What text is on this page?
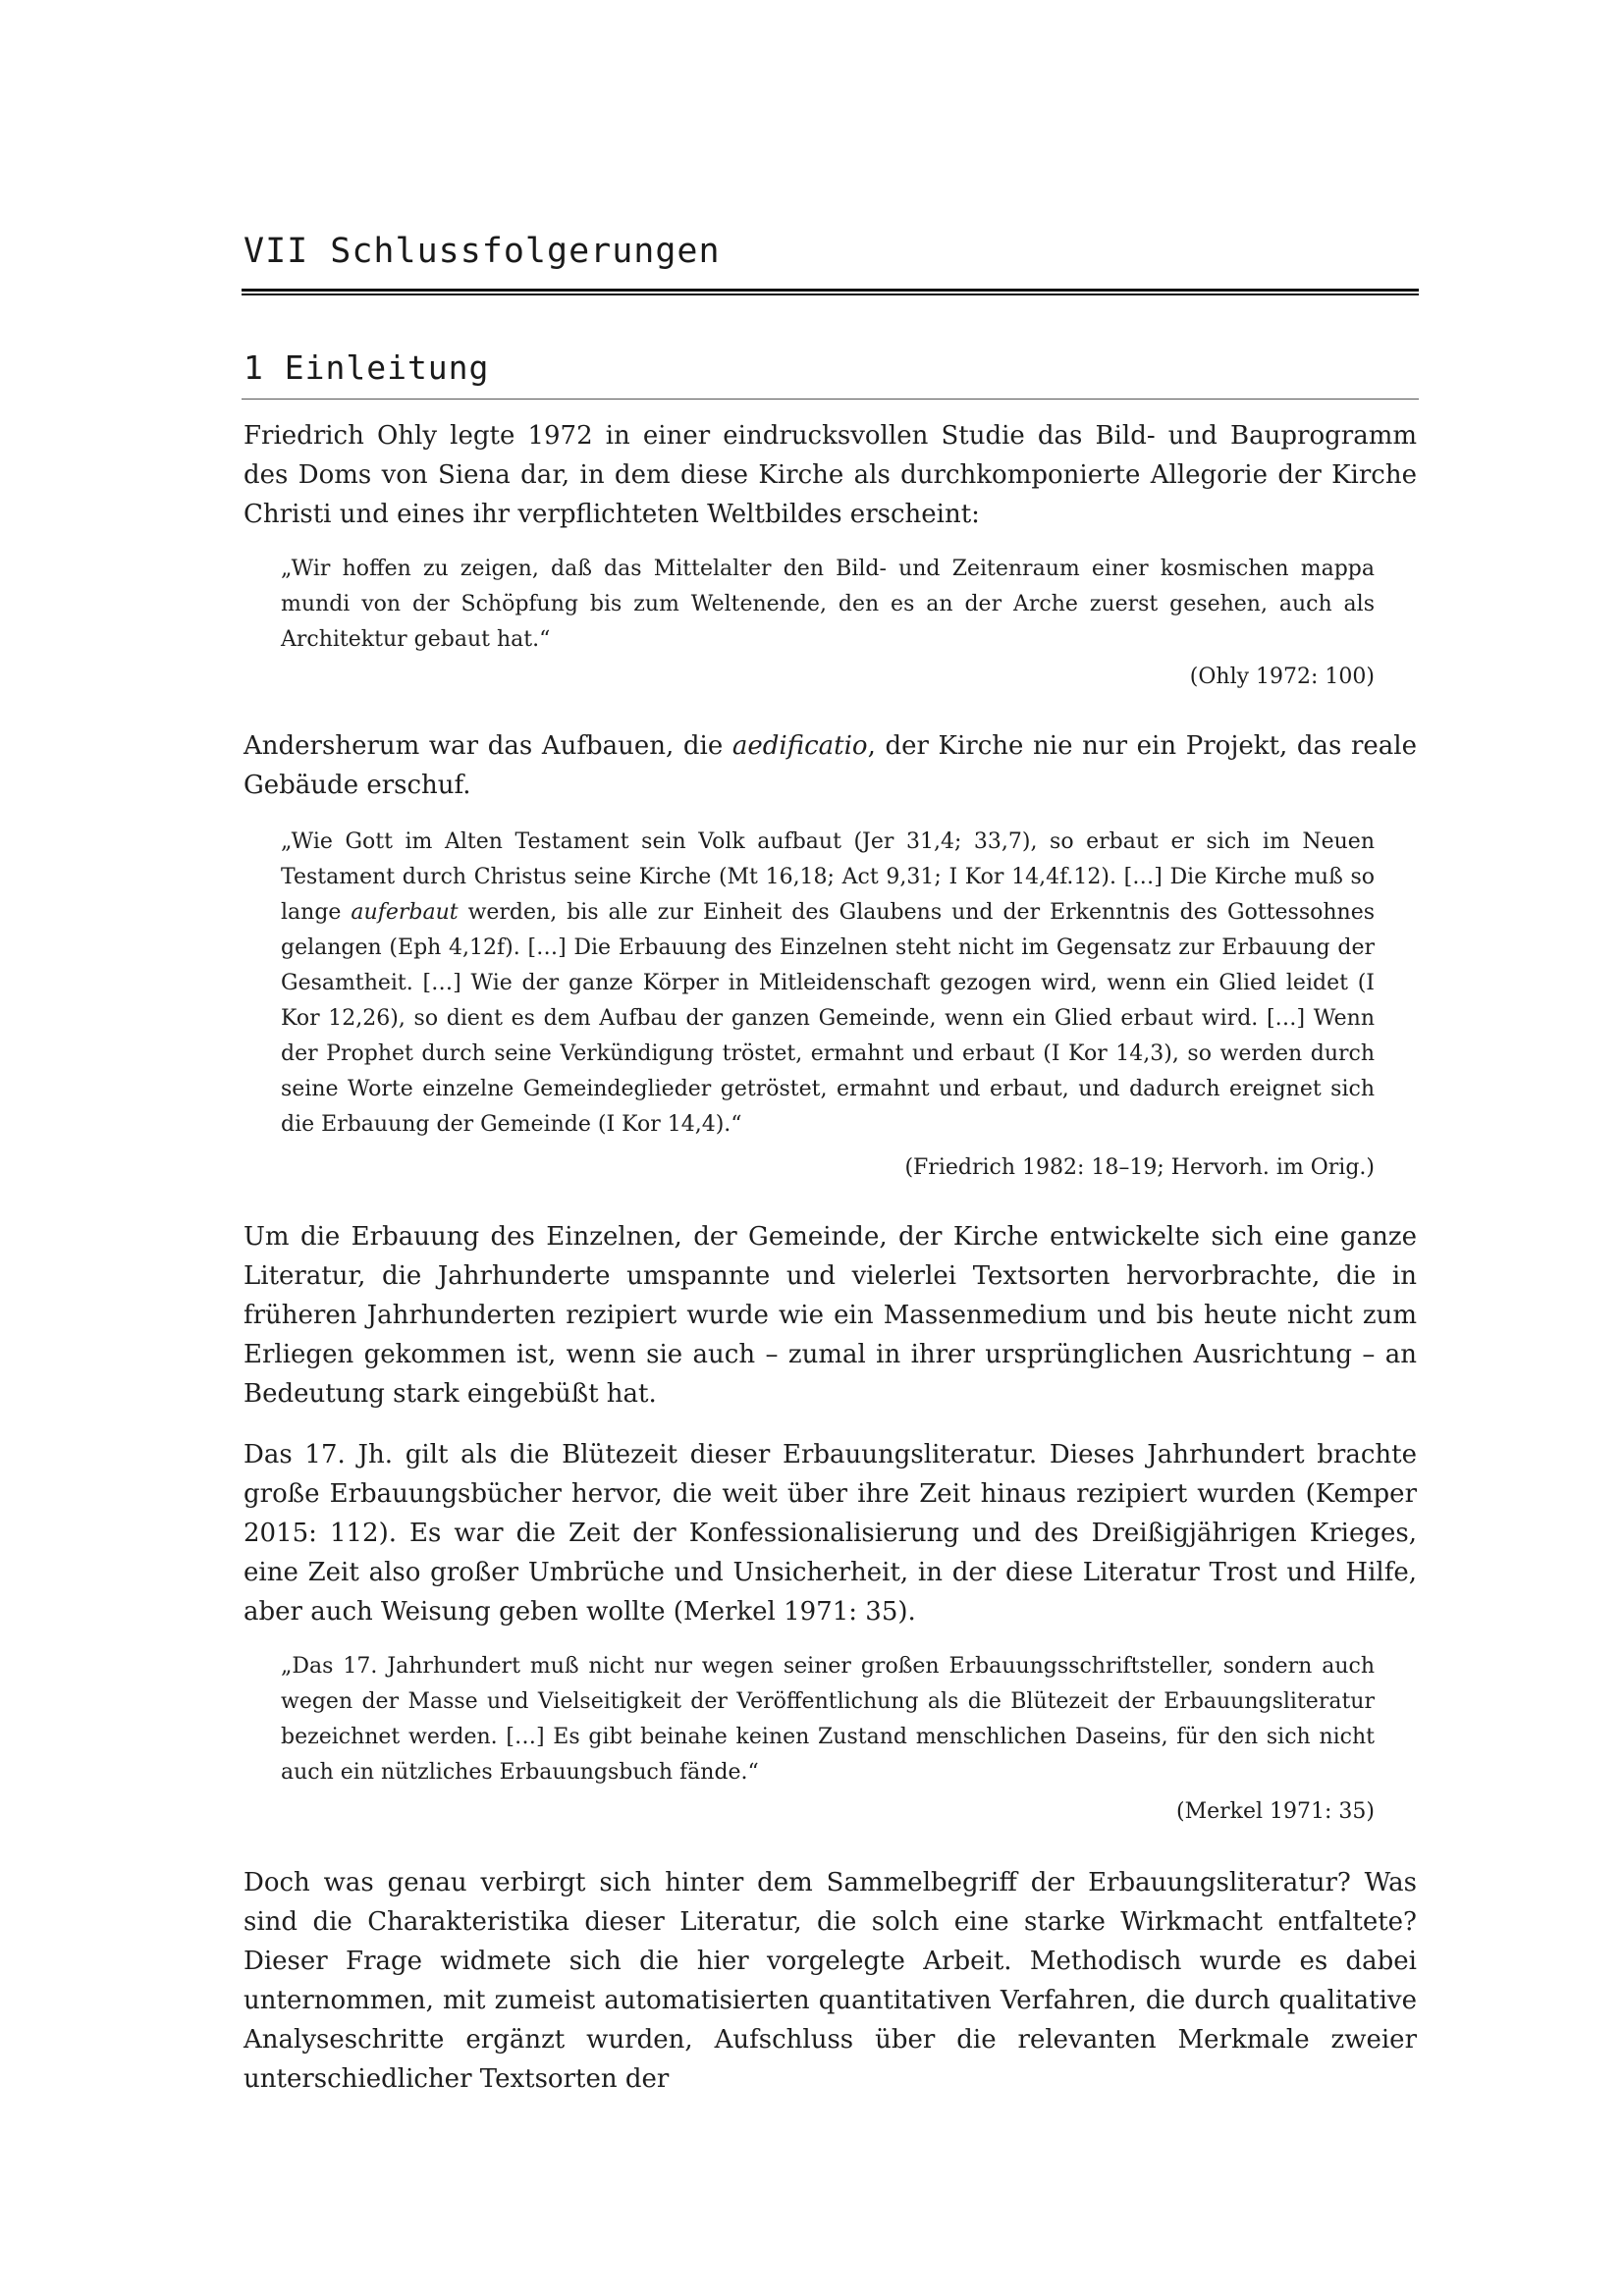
VII Schlussfolgerungen
1 Einleitung

Friedrich Ohly legte 1972 in einer eindrucksvollen Studie das Bild- und Bauprogramm des Doms von Siena dar, in dem diese Kirche als durchkomponierte Allegorie der Kirche Christi und eines ihr verpflichteten Weltbildes erscheint:

„Wir hoffen zu zeigen, daß das Mittelalter den Bild- und Zeitenraum einer kosmischen mappa mundi von der Schöpfung bis zum Weltenende, den es an der Arche zuerst gesehen, auch als Architektur gebaut hat.“

(Ohly 1972: 100)

Andersherum war das Aufbauen, die aedificatio, der Kirche nie nur ein Projekt, das reale Gebäude erschuf.

„Wie Gott im Alten Testament sein Volk aufbaut (Jer 31,4; 33,7), so erbaut er sich im Neuen Testament durch Christus seine Kirche (Mt 16,18; Act 9,31; I Kor 14,4f.12). […] Die Kirche muß so lange auferbaut werden, bis alle zur Einheit des Glaubens und der Erkenntnis des Gottessohnes gelangen (Eph 4,12f). […] Die Erbauung des Einzelnen steht nicht im Gegensatz zur Erbauung der Gesamtheit. […] Wie der ganze Körper in Mitleidenschaft gezogen wird, wenn ein Glied leidet (I Kor 12,26), so dient es dem Aufbau der ganzen Gemeinde, wenn ein Glied erbaut wird. […] Wenn der Prophet durch seine Verkündigung tröstet, ermahnt und erbaut (I Kor 14,3), so werden durch seine Worte einzelne Gemeindeglieder getröstet, ermahnt und erbaut, und dadurch ereignet sich die Erbauung der Gemeinde (I Kor 14,4).“

(Friedrich 1982: 18–19; Hervorh. im Orig.)

Um die Erbauung des Einzelnen, der Gemeinde, der Kirche entwickelte sich eine ganze Literatur, die Jahrhunderte umspannte und vielerlei Textsorten hervorbrachte, die in früheren Jahrhunderten rezipiert wurde wie ein Massenmedium und bis heute nicht zum Erliegen gekommen ist, wenn sie auch – zumal in ihrer ursprünglichen Ausrichtung – an Bedeutung stark eingebüßt hat.

Das 17. Jh. gilt als die Blütezeit dieser Erbauungsliteratur. Dieses Jahrhundert brachte große Erbauungsbücher hervor, die weit über ihre Zeit hinaus rezipiert wurden (Kemper 2015: 112). Es war die Zeit der Konfessionalisierung und des Dreißigjährigen Krieges, eine Zeit also großer Umbrüche und Unsicherheit, in der diese Literatur Trost und Hilfe, aber auch Weisung geben wollte (Merkel 1971: 35).

„Das 17. Jahrhundert muß nicht nur wegen seiner großen Erbauungsschriftsteller, sondern auch wegen der Masse und Vielseitigkeit der Veröffentlichung als die Blütezeit der Erbauungsliteratur bezeichnet werden. […] Es gibt beinahe keinen Zustand menschlichen Daseins, für den sich nicht auch ein nützliches Erbauungsbuch fände.“

(Merkel 1971: 35)

Doch was genau verbirgt sich hinter dem Sammelbegriff der Erbauungsliteratur? Was sind die Charakteristika dieser Literatur, die solch eine starke Wirkmacht entfaltete? Dieser Frage widmete sich die hier vorgelegte Arbeit. Methodisch wurde es dabei unternommen, mit zumeist automatisierten quantitativen Verfahren, die durch qualitative Analyseschritte ergänzt wurden, Aufschluss über die relevanten Merkmale zweier unterschiedlicher Textsorten der
